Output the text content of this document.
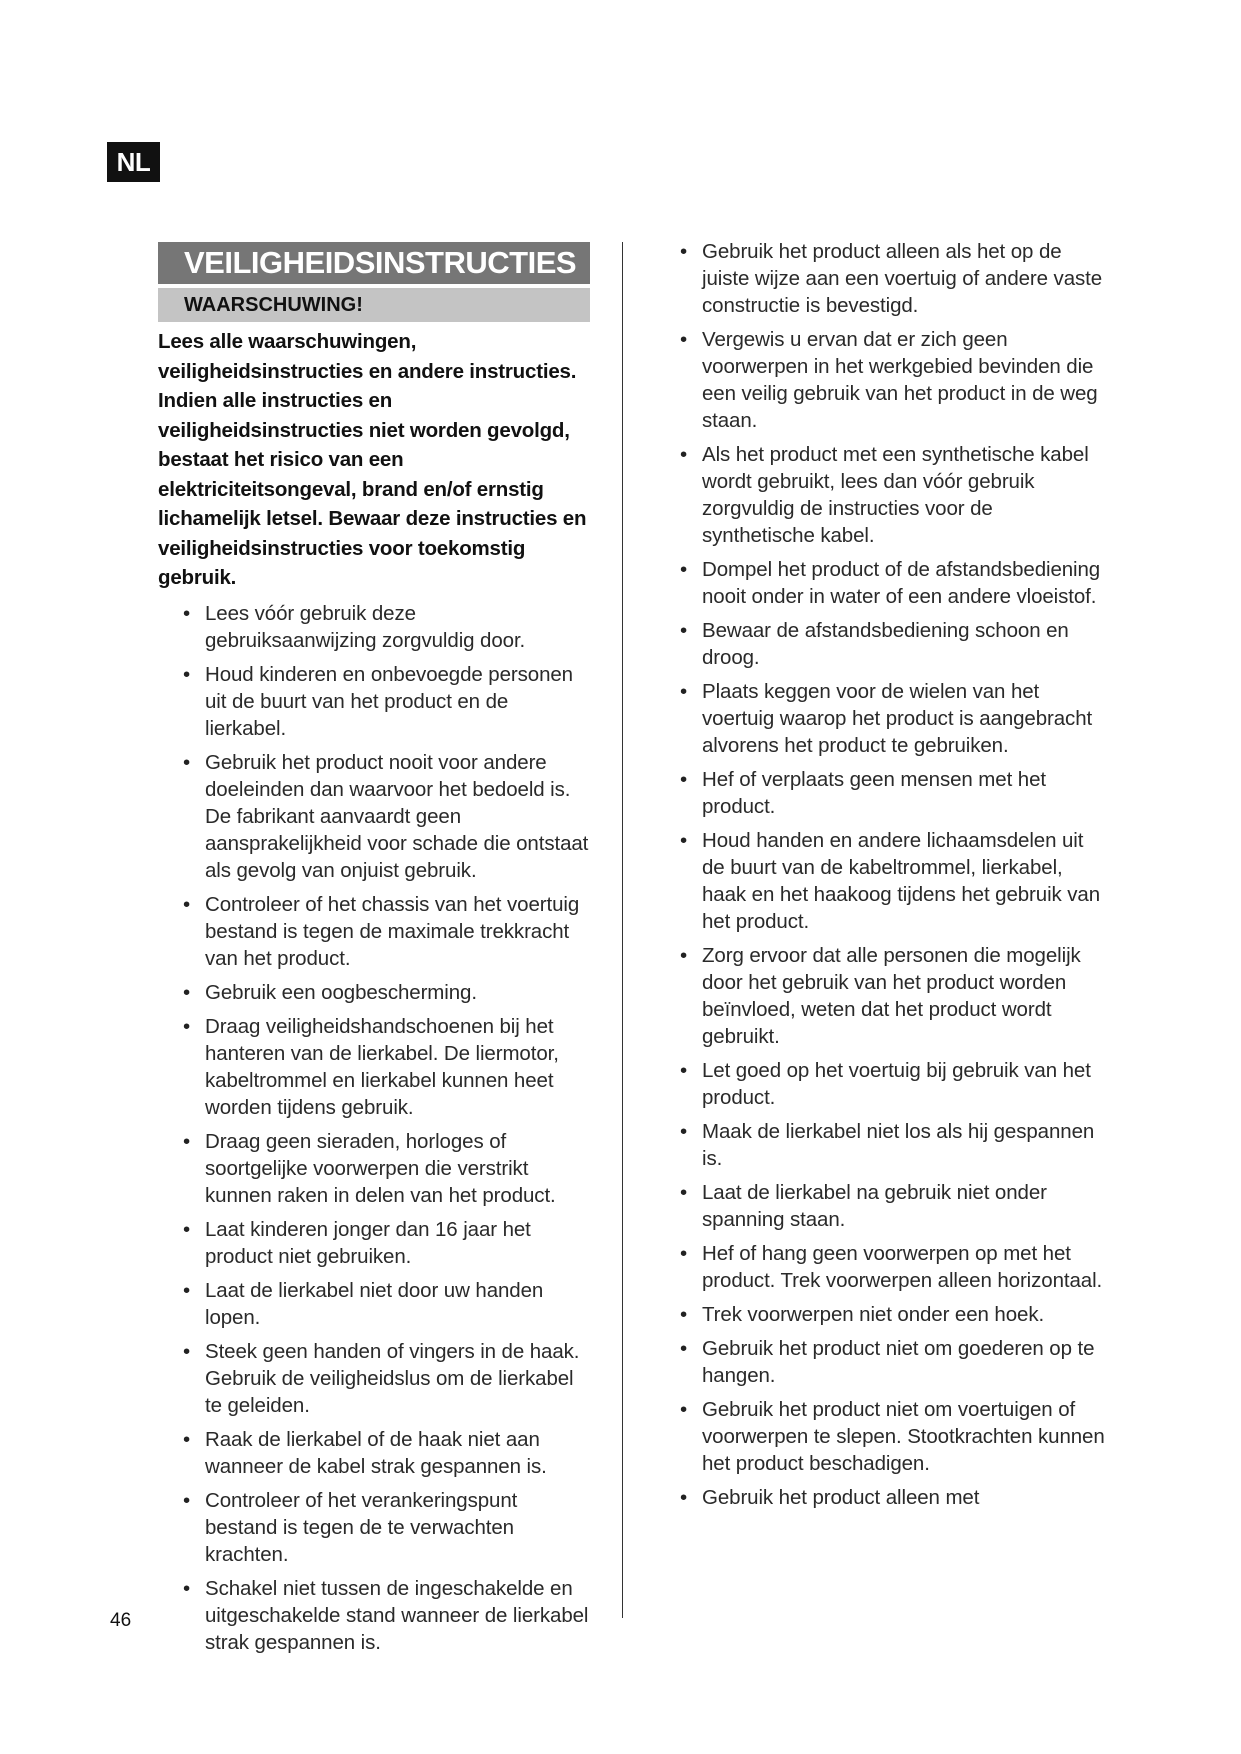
NL
VEILIGHEIDSINSTRUCTIES
WAARSCHUWING!
Lees alle waarschuwingen, veiligheidsinstructies en andere instructies. Indien alle instructies en veiligheidsinstructies niet worden gevolgd, bestaat het risico van een elektriciteitsongeval, brand en/of ernstig lichamelijk letsel. Bewaar deze instructies en veiligheidsinstructies voor toekomstig gebruik.
• Lees vóór gebruik deze gebruiksaanwijzing zorgvuldig door.
• Houd kinderen en onbevoegde personen uit de buurt van het product en de lierkabel.
• Gebruik het product nooit voor andere doeleinden dan waarvoor het bedoeld is. De fabrikant aanvaardt geen aansprakelijkheid voor schade die ontstaat als gevolg van onjuist gebruik.
• Controleer of het chassis van het voertuig bestand is tegen de maximale trekkracht van het product.
• Gebruik een oogbescherming.
• Draag veiligheidshandschoenen bij het hanteren van de lierkabel. De liermotor, kabeltrommel en lierkabel kunnen heet worden tijdens gebruik.
• Draag geen sieraden, horloges of soortgelijke voorwerpen die verstrikt kunnen raken in delen van het product.
• Laat kinderen jonger dan 16 jaar het product niet gebruiken.
• Laat de lierkabel niet door uw handen lopen.
• Steek geen handen of vingers in de haak. Gebruik de veiligheidslus om de lierkabel te geleiden.
• Raak de lierkabel of de haak niet aan wanneer de kabel strak gespannen is.
• Controleer of het verankeringspunt bestand is tegen de te verwachten krachten.
• Schakel niet tussen de ingeschakelde en uitgeschakelde stand wanneer de lierkabel strak gespannen is.
• Gebruik het product alleen als het op de juiste wijze aan een voertuig of andere vaste constructie is bevestigd.
• Vergewis u ervan dat er zich geen voorwerpen in het werkgebied bevinden die een veilig gebruik van het product in de weg staan.
• Als het product met een synthetische kabel wordt gebruikt, lees dan vóór gebruik zorgvuldig de instructies voor de synthetische kabel.
• Dompel het product of de afstandsbediening nooit onder in water of een andere vloeistof.
• Bewaar de afstandsbediening schoon en droog.
• Plaats keggen voor de wielen van het voertuig waarop het product is aangebracht alvorens het product te gebruiken.
• Hef of verplaats geen mensen met het product.
• Houd handen en andere lichaamsdelen uit de buurt van de kabeltrommel, lierkabel, haak en het haakoog tijdens het gebruik van het product.
• Zorg ervoor dat alle personen die mogelijk door het gebruik van het product worden beïnvloed, weten dat het product wordt gebruikt.
• Let goed op het voertuig bij gebruik van het product.
• Maak de lierkabel niet los als hij gespannen is.
• Laat de lierkabel na gebruik niet onder spanning staan.
• Hef of hang geen voorwerpen op met het product. Trek voorwerpen alleen horizontaal.
• Trek voorwerpen niet onder een hoek.
• Gebruik het product niet om goederen op te hangen.
• Gebruik het product niet om voertuigen of voorwerpen te slepen. Stootkrachten kunnen het product beschadigen.
• Gebruik het product alleen met
46
